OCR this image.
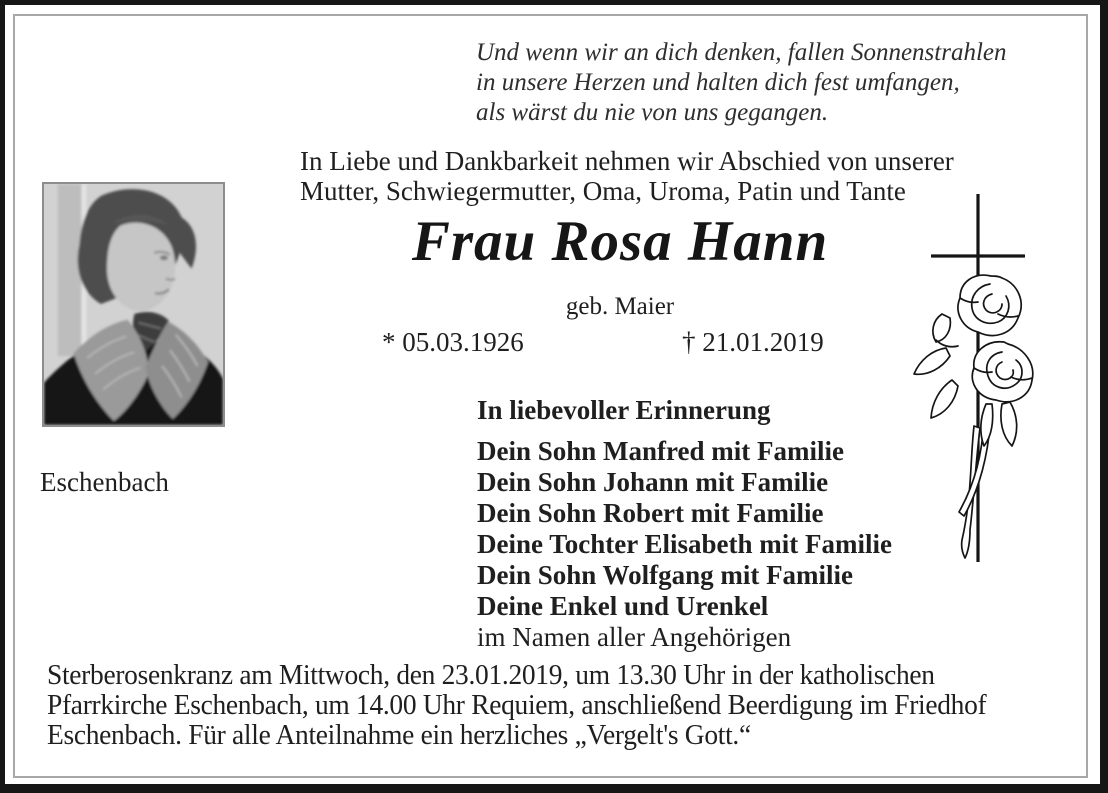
Und wenn wir an dich denken, fallen Sonnenstrahlen
in unsere Herzen und halten dich fest umfangen,
als wärst du nie von uns gegangen.
In Liebe und Dankbarkeit nehmen wir Abschied von unserer
Mutter, Schwiegermutter, Oma, Uroma, Patin und Tante
Frau Rosa Hann
geb. Maier
* 05.03.1926	† 21.01.2019
Eschenbach
In liebevoller Erinnerung
Dein Sohn Manfred mit Familie
Dein Sohn Johann mit Familie
Dein Sohn Robert mit Familie
Deine Tochter Elisabeth mit Familie
Dein Sohn Wolfgang mit Familie
Deine Enkel und Urenkel
im Namen aller Angehörigen
Sterberosenkranz am Mittwoch, den 23.01.2019, um 13.30 Uhr in der katholischen
Pfarrkirche Eschenbach, um 14.00 Uhr Requiem, anschließend Beerdigung im Friedhof
Eschenbach. Für alle Anteilnahme ein herzliches „Vergelt's Gott.“
